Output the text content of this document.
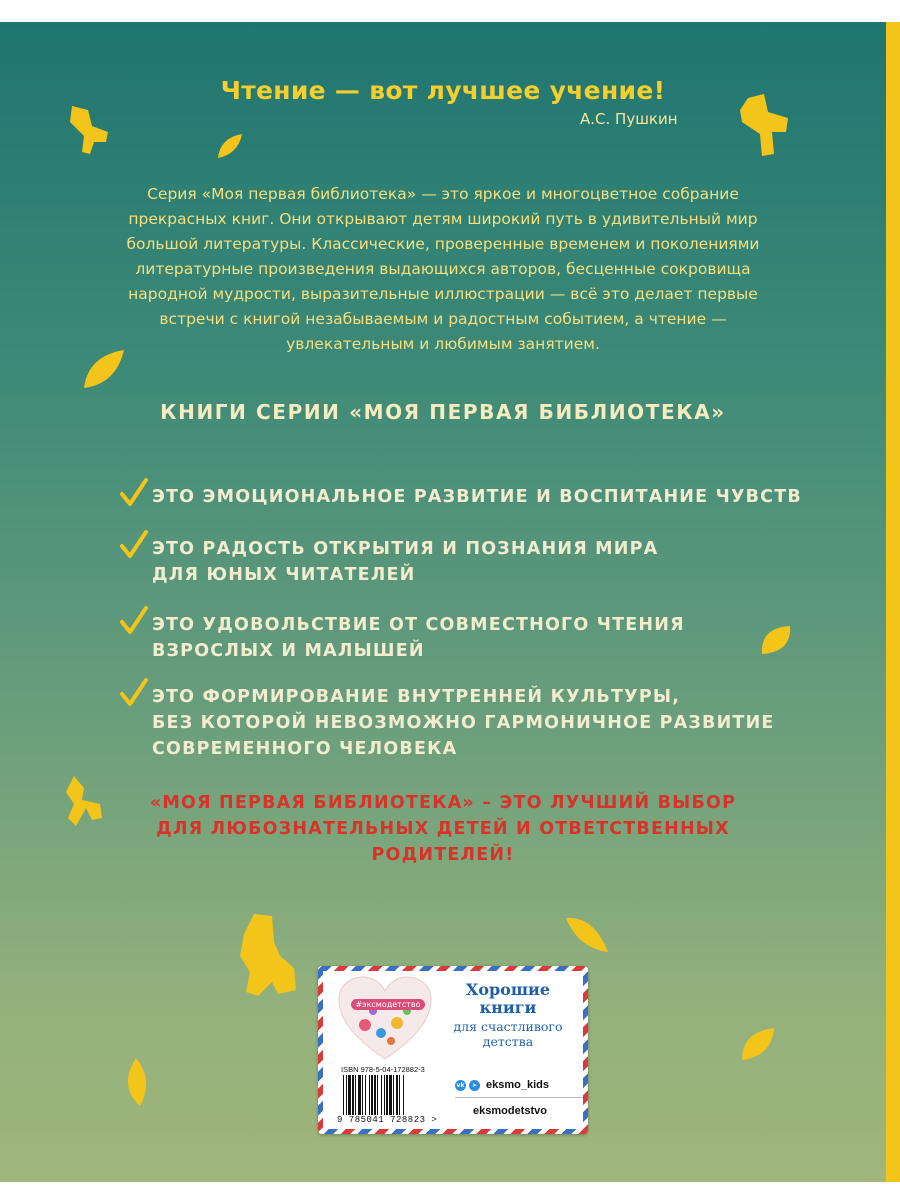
Чтение — вот лучшее учение!
А.С. Пушкин
Серия «Моя первая библиотека» — это яркое и многоцветное собрание
прекрасных книг. Они открывают детям широкий путь в удивительный мир
большой литературы. Классические, проверенные временем и поколениями
литературные произведения выдающихся авторов, бесценные сокровища
народной мудрости, выразительные иллюстрации — всё это делает первые
встречи с книгой незабываемым и радостным событием, а чтение —
увлекательным и любимым занятием.
КНИГИ СЕРИИ «МОЯ ПЕРВАЯ БИБЛИОТЕКА»
ЭТО ЭМОЦИОНАЛЬНОЕ РАЗВИТИЕ И ВОСПИТАНИЕ ЧУВСТВ
ЭТО РАДОСТЬ ОТКРЫТИЯ И ПОЗНАНИЯ МИРА
ДЛЯ ЮНЫХ ЧИТАТЕЛЕЙ
ЭТО УДОВОЛЬСТВИЕ ОТ СОВМЕСТНОГО ЧТЕНИЯ
ВЗРОСЛЫХ И МАЛЫШЕЙ
ЭТО ФОРМИРОВАНИЕ ВНУТРЕННЕЙ КУЛЬТУРЫ,
БЕЗ КОТОРОЙ НЕВОЗМОЖНО ГАРМОНИЧНОЕ РАЗВИТИЕ
СОВРЕМЕННОГО ЧЕЛОВЕКА
«МОЯ ПЕРВАЯ БИБЛИОТЕКА» – ЭТО ЛУЧШИЙ ВЫБОР
ДЛЯ ЛЮБОЗНАТЕЛЬНЫХ ДЕТЕЙ И ОТВЕТСТВЕННЫХ
РОДИТЕЛЕЙ!
#эксмодетство
Хорошие книги
для счастливого
детства
ISBN 978-5-04-172882-3
9 785041 728823 >
vk	➤ eksmo_kids
eksmodetstvo
